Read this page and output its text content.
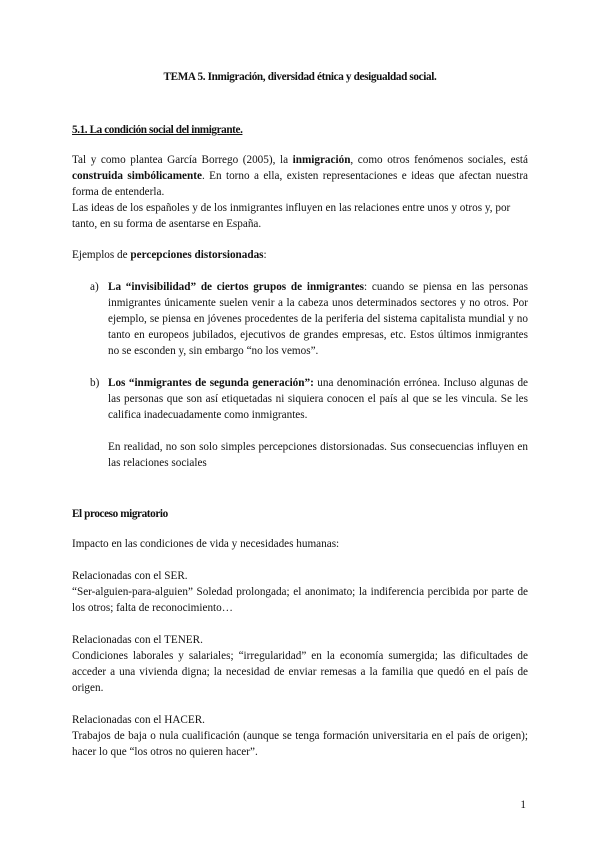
TEMA 5. Inmigración, diversidad étnica y desigualdad social.
5.1. La condición social del inmigrante.
Tal y como plantea García Borrego (2005), la inmigración, como otros fenómenos sociales, está construida simbólicamente. En torno a ella, existen representaciones e ideas que afectan nuestra forma de entenderla.
Las ideas de los españoles y de los inmigrantes influyen en las relaciones entre unos y otros y, por tanto, en su forma de asentarse en España.
Ejemplos de percepciones distorsionadas:
a) La “invisibilidad” de ciertos grupos de inmigrantes: cuando se piensa en las personas inmigrantes únicamente suelen venir a la cabeza unos determinados sectores y no otros. Por ejemplo, se piensa en jóvenes procedentes de la periferia del sistema capitalista mundial y no tanto en europeos jubilados, ejecutivos de grandes empresas, etc. Estos últimos inmigrantes no se esconden y, sin embargo “no los vemos”.
b) Los “inmigrantes de segunda generación”: una denominación errónea. Incluso algunas de las personas que son así etiquetadas ni siquiera conocen el país al que se les vincula. Se les califica inadecuadamente como inmigrantes.
En realidad, no son solo simples percepciones distorsionadas. Sus consecuencias influyen en las relaciones sociales
El proceso migratorio
Impacto en las condiciones de vida y necesidades humanas:
Relacionadas con el SER.
“Ser-alguien-para-alguien” Soledad prolongada; el anonimato; la indiferencia percibida por parte de los otros; falta de reconocimiento…
Relacionadas con el TENER.
Condiciones laborales y salariales; “irregularidad” en la economía sumergida; las dificultades de acceder a una vivienda digna; la necesidad de enviar remesas a la familia que quedó en el país de origen.
Relacionadas con el HACER.
Trabajos de baja o nula cualificación (aunque se tenga formación universitaria en el país de origen); hacer lo que “los otros no quieren hacer”.
1
